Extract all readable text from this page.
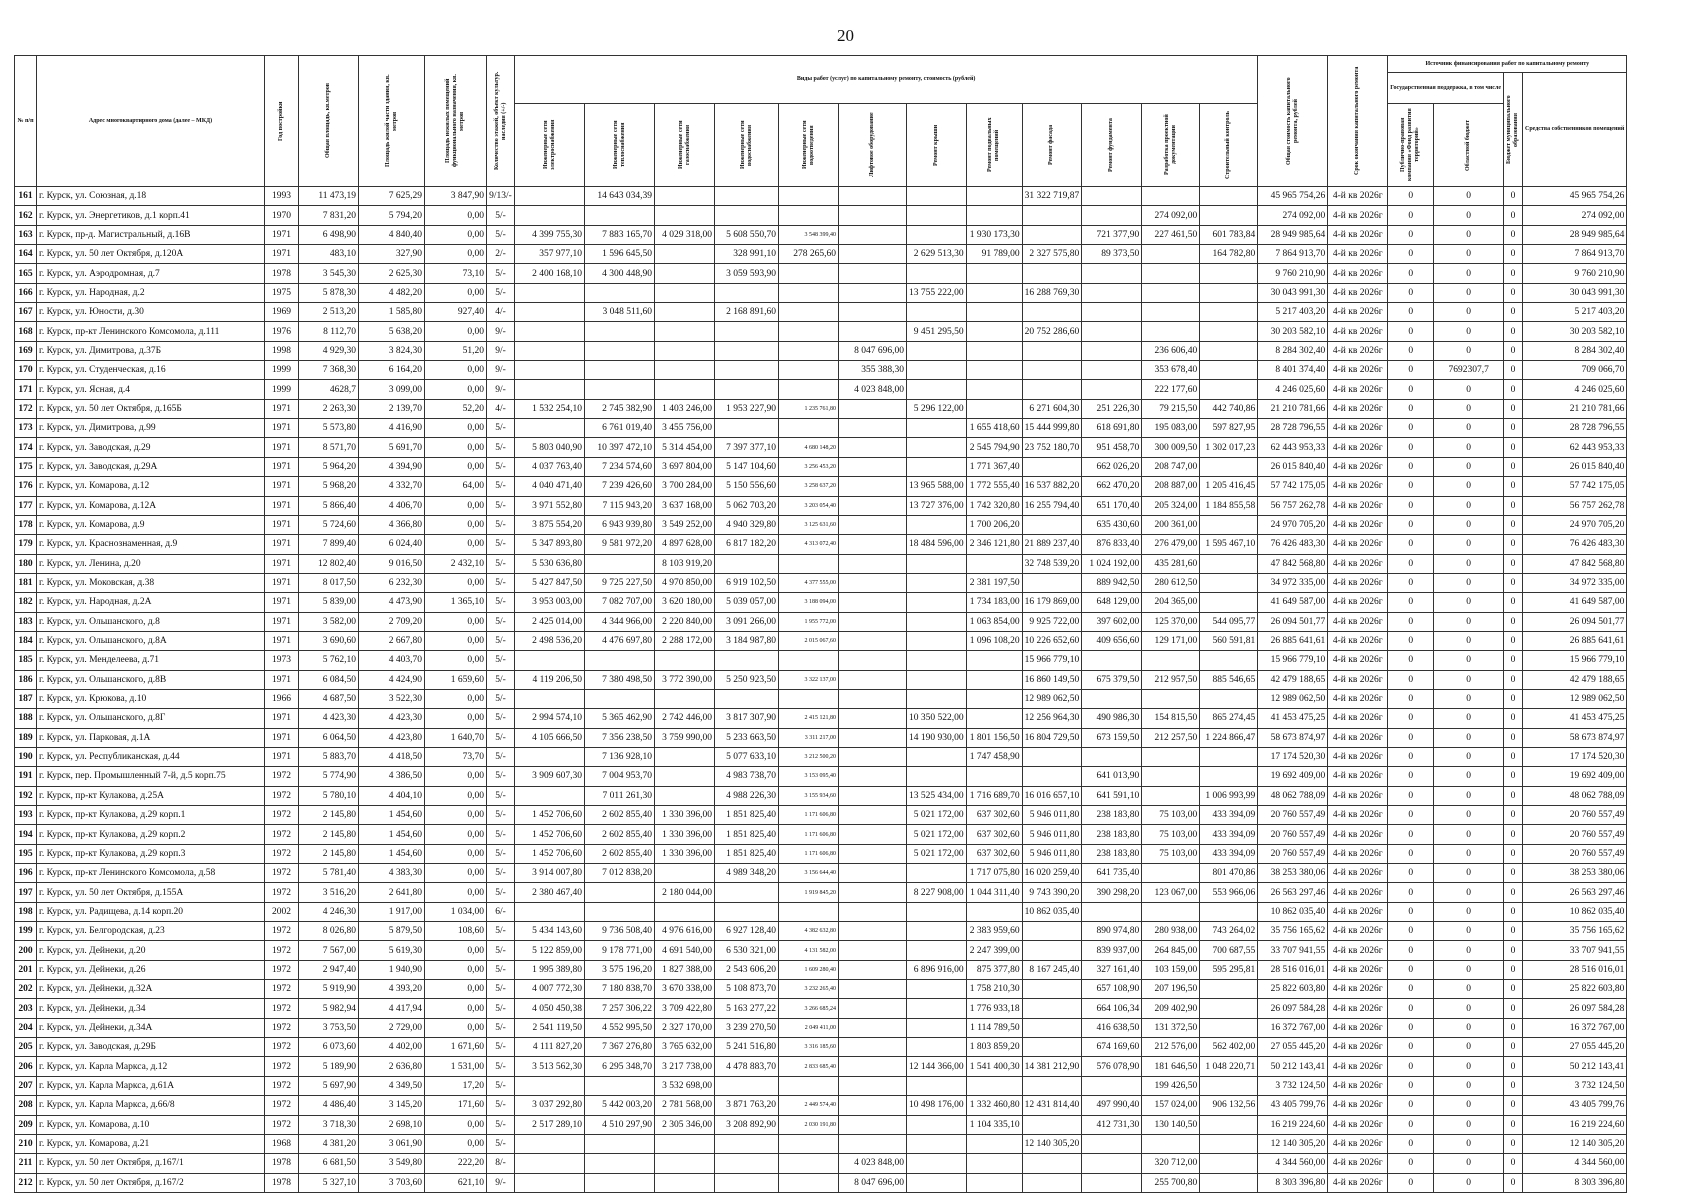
20
№ п/п	Адрес многоквартирного дома (далее – МКД)	Год постройки	Общая площадь, кв.метров	Площадь жилой части здания, кв. метров	Площадь нежилых помещений функционального назначения, кв. метров	Количество этажей, объект культур. наследия (+/-)	Виды работ (услуг) по капитальному ремонту, стоимость (рублей)												Общая стоимость капитального ремонта, рублей	Срок окончания капитального ремонта	Источник финансирования работ по капитальному ремонту			
																					Государственная поддержка, в том числе		Бюджет муниципального образования	Средства собственников помещений

							Инженерные сети электроснабжения	Инженерные сети теплоснабжения	Инженерные сети газоснабжения	Инженерные сети водоснабжения	Инженерные сети водоотведения	Лифтовое оборудование	Ремонт крыши	Ремонт подвальных помещений	Ремонт фасада	Ремонт фундамента	Разработка проектной документации	Строительный контроль			Публично-правовая компания «Фонд развития территорий»	Областной бюджет		

161	г. Курск, ул. Союзная, д.18	1993	11 473,19	7 625,29	3 847,90	9/13/-		14 643 034,39							31 322 719,87				45 965 754,26	4-й кв 2026г	0	0	0	45 965 754,26
162	г. Курск, ул. Энергетиков, д.1 корп.41	1970	7 831,20	5 794,20	0,00	5/-											274 092,00		274 092,00	4-й кв 2026г	0	0	0	274 092,00
163	г. Курск, пр-д. Магистральный, д.16В	1971	6 498,90	4 840,40	0,00	5/-	4 399 755,30	7 883 165,70	4 029 318,00	5 608 550,70	3 548 399,40			1 930 173,30		721 377,90	227 461,50	601 783,84	28 949 985,64	4-й кв 2026г	0	0	0	28 949 985,64
164	г. Курск, ул. 50 лет Октября, д.120А	1971	483,10	327,90	0,00	2/-	357 977,10	1 596 645,50		328 991,10	278 265,60		2 629 513,30	91 789,00	2 327 575,80	89 373,50		164 782,80	7 864 913,70	4-й кв 2026г	0	0	0	7 864 913,70
165	г. Курск, ул. Аэродромная, д.7	1978	3 545,30	2 625,30	73,10	5/-	2 400 168,10	4 300 448,90		3 059 593,90									9 760 210,90	4-й кв 2026г	0	0	0	9 760 210,90
166	г. Курск, ул. Народная, д.2	1975	5 878,30	4 482,20	0,00	5/-							13 755 222,00		16 288 769,30				30 043 991,30	4-й кв 2026г	0	0	0	30 043 991,30
167	г. Курск, ул. Юности, д.30	1969	2 513,20	1 585,80	927,40	4/-		3 048 511,60		2 168 891,60									5 217 403,20	4-й кв 2026г	0	0	0	5 217 403,20
168	г. Курск, пр-кт Ленинского Комсомола, д.111	1976	8 112,70	5 638,20	0,00	9/-							9 451 295,50		20 752 286,60				30 203 582,10	4-й кв 2026г	0	0	0	30 203 582,10
169	г. Курск, ул. Димитрова, д.37Б	1998	4 929,30	3 824,30	51,20	9/-						8 047 696,00					236 606,40		8 284 302,40	4-й кв 2026г	0	0	0	8 284 302,40
170	г. Курск, ул. Студенческая, д.16	1999	7 368,30	6 164,20	0,00	9/-						355 388,30					353 678,40		8 401 374,40	4-й кв 2026г	0	7692307,7	0	709 066,70
171	г. Курск, ул. Ясная, д.4	1999	4628,7	3 099,00	0,00	9/-						4 023 848,00					222 177,60		4 246 025,60	4-й кв 2026г	0	0	0	4 246 025,60
172	г. Курск, ул. 50 лет Октября, д.165Б	1971	2 263,30	2 139,70	52,20	4/-	1 532 254,10	2 745 382,90	1 403 246,00	1 953 227,90	1 235 761,80		5 296 122,00		6 271 604,30	251 226,30	79 215,50	442 740,86	21 210 781,66	4-й кв 2026г	0	0	0	21 210 781,66
173	г. Курск, ул. Димитрова, д.99	1971	5 573,80	4 416,90	0,00	5/-		6 761 019,40	3 455 756,00					1 655 418,60	15 444 999,80	618 691,80	195 083,00	597 827,95	28 728 796,55	4-й кв 2026г	0	0	0	28 728 796,55
174	г. Курск, ул. Заводская, д.29	1971	8 571,70	5 691,70	0,00	5/-	5 803 040,90	10 397 472,10	5 314 454,00	7 397 377,10	4 680 148,20			2 545 794,90	23 752 180,70	951 458,70	300 009,50	1 302 017,23	62 443 953,33	4-й кв 2026г	0	0	0	62 443 953,33
175	г. Курск, ул. Заводская, д.29А	1971	5 964,20	4 394,90	0,00	5/-	4 037 763,40	7 234 574,60	3 697 804,00	5 147 104,60	3 256 453,20			1 771 367,40		662 026,20	208 747,00		26 015 840,40	4-й кв 2026г	0	0	0	26 015 840,40
176	г. Курск, ул. Комарова, д.12	1971	5 968,20	4 332,70	64,00	5/-	4 040 471,40	7 239 426,60	3 700 284,00	5 150 556,60	3 258 637,20		13 965 588,00	1 772 555,40	16 537 882,20	662 470,20	208 887,00	1 205 416,45	57 742 175,05	4-й кв 2026г	0	0	0	57 742 175,05
177	г. Курск, ул. Комарова, д.12А	1971	5 866,40	4 406,70	0,00	5/-	3 971 552,80	7 115 943,20	3 637 168,00	5 062 703,20	3 203 054,40		13 727 376,00	1 742 320,80	16 255 794,40	651 170,40	205 324,00	1 184 855,58	56 757 262,78	4-й кв 2026г	0	0	0	56 757 262,78
178	г. Курск, ул. Комарова, д.9	1971	5 724,60	4 366,80	0,00	5/-	3 875 554,20	6 943 939,80	3 549 252,00	4 940 329,80	3 125 631,60			1 700 206,20		635 430,60	200 361,00		24 970 705,20	4-й кв 2026г	0	0	0	24 970 705,20
179	г. Курск, ул. Краснознаменная, д.9	1971	7 899,40	6 024,40	0,00	5/-	5 347 893,80	9 581 972,20	4 897 628,00	6 817 182,20	4 313 072,40		18 484 596,00	2 346 121,80	21 889 237,40	876 833,40	276 479,00	1 595 467,10	76 426 483,30	4-й кв 2026г	0	0	0	76 426 483,30
180	г. Курск, ул. Ленина, д.20	1971	12 802,40	9 016,50	2 432,10	5/-	5 530 636,80		8 103 919,20						32 748 539,20	1 024 192,00	435 281,60		47 842 568,80	4-й кв 2026г	0	0	0	47 842 568,80
181	г. Курск, ул. Моковская, д.38	1971	8 017,50	6 232,30	0,00	5/-	5 427 847,50	9 725 227,50	4 970 850,00	6 919 102,50	4 377 555,00			2 381 197,50		889 942,50	280 612,50		34 972 335,00	4-й кв 2026г	0	0	0	34 972 335,00
182	г. Курск, ул. Народная, д.2А	1971	5 839,00	4 473,90	1 365,10	5/-	3 953 003,00	7 082 707,00	3 620 180,00	5 039 057,00	3 188 094,00			1 734 183,00	16 179 869,00	648 129,00	204 365,00		41 649 587,00	4-й кв 2026г	0	0	0	41 649 587,00
183	г. Курск, ул. Ольшанского, д.8	1971	3 582,00	2 709,20	0,00	5/-	2 425 014,00	4 344 966,00	2 220 840,00	3 091 266,00	1 955 772,00			1 063 854,00	9 925 722,00	397 602,00	125 370,00	544 095,77	26 094 501,77	4-й кв 2026г	0	0	0	26 094 501,77
184	г. Курск, ул. Ольшанского, д.8А	1971	3 690,60	2 667,80	0,00	5/-	2 498 536,20	4 476 697,80	2 288 172,00	3 184 987,80	2 015 067,60			1 096 108,20	10 226 652,60	409 656,60	129 171,00	560 591,81	26 885 641,61	4-й кв 2026г	0	0	0	26 885 641,61
185	г. Курск, ул. Менделеева, д.71	1973	5 762,10	4 403,70	0,00	5/-									15 966 779,10				15 966 779,10	4-й кв 2026г	0	0	0	15 966 779,10
186	г. Курск, ул. Ольшанского, д.8В	1971	6 084,50	4 424,90	1 659,60	5/-	4 119 206,50	7 380 498,50	3 772 390,00	5 250 923,50	3 322 137,00				16 860 149,50	675 379,50	212 957,50	885 546,65	42 479 188,65	4-й кв 2026г	0	0	0	42 479 188,65
187	г. Курск, ул. Крюкова, д.10	1966	4 687,50	3 522,30	0,00	5/-									12 989 062,50				12 989 062,50	4-й кв 2026г	0	0	0	12 989 062,50
188	г. Курск, ул. Ольшанского, д.8Г	1971	4 423,30	4 423,30	0,00	5/-	2 994 574,10	5 365 462,90	2 742 446,00	3 817 307,90	2 415 121,80		10 350 522,00		12 256 964,30	490 986,30	154 815,50	865 274,45	41 453 475,25	4-й кв 2026г	0	0	0	41 453 475,25
189	г. Курск, ул. Парковая, д.1А	1971	6 064,50	4 423,80	1 640,70	5/-	4 105 666,50	7 356 238,50	3 759 990,00	5 233 663,50	3 311 217,00		14 190 930,00	1 801 156,50	16 804 729,50	673 159,50	212 257,50	1 224 866,47	58 673 874,97	4-й кв 2026г	0	0	0	58 673 874,97
190	г. Курск, ул. Республиканская, д.44	1971	5 883,70	4 418,50	73,70	5/-		7 136 928,10		5 077 633,10	3 212 500,20			1 747 458,90					17 174 520,30	4-й кв 2026г	0	0	0	17 174 520,30
191	г. Курск, пер. Промышленный 7-й, д.5 корп.75	1972	5 774,90	4 386,50	0,00	5/-	3 909 607,30	7 004 953,70		4 983 738,70	3 153 095,40					641 013,90			19 692 409,00	4-й кв 2026г	0	0	0	19 692 409,00
192	г. Курск, пр-кт Кулакова, д.25А	1972	5 780,10	4 404,10	0,00	5/-		7 011 261,30		4 988 226,30	3 155 934,60		13 525 434,00	1 716 689,70	16 016 657,10	641 591,10		1 006 993,99	48 062 788,09	4-й кв 2026г	0	0	0	48 062 788,09
193	г. Курск, пр-кт Кулакова, д.29 корп.1	1972	2 145,80	1 454,60	0,00	5/-	1 452 706,60	2 602 855,40	1 330 396,00	1 851 825,40	1 171 606,80		5 021 172,00	637 302,60	5 946 011,80	238 183,80	75 103,00	433 394,09	20 760 557,49	4-й кв 2026г	0	0	0	20 760 557,49
194	г. Курск, пр-кт Кулакова, д.29 корп.2	1972	2 145,80	1 454,60	0,00	5/-	1 452 706,60	2 602 855,40	1 330 396,00	1 851 825,40	1 171 606,80		5 021 172,00	637 302,60	5 946 011,80	238 183,80	75 103,00	433 394,09	20 760 557,49	4-й кв 2026г	0	0	0	20 760 557,49
195	г. Курск, пр-кт Кулакова, д.29 корп.3	1972	2 145,80	1 454,60	0,00	5/-	1 452 706,60	2 602 855,40	1 330 396,00	1 851 825,40	1 171 606,80		5 021 172,00	637 302,60	5 946 011,80	238 183,80	75 103,00	433 394,09	20 760 557,49	4-й кв 2026г	0	0	0	20 760 557,49
196	г. Курск, пр-кт Ленинского Комсомола, д.58	1972	5 781,40	4 383,30	0,00	5/-	3 914 007,80	7 012 838,20		4 989 348,20	3 156 644,40			1 717 075,80	16 020 259,40	641 735,40		801 470,86	38 253 380,06	4-й кв 2026г	0	0	0	38 253 380,06
197	г. Курск, ул. 50 лет Октября, д.155А	1972	3 516,20	2 641,80	0,00	5/-	2 380 467,40		2 180 044,00		1 919 845,20		8 227 908,00	1 044 311,40	9 743 390,20	390 298,20	123 067,00	553 966,06	26 563 297,46	4-й кв 2026г	0	0	0	26 563 297,46
198	г. Курск, ул. Радищева, д.14 корп.20	2002	4 246,30	1 917,00	1 034,00	6/-									10 862 035,40				10 862 035,40	4-й кв 2026г	0	0	0	10 862 035,40
199	г. Курск, ул. Белгородская, д.23	1972	8 026,80	5 879,50	108,60	5/-	5 434 143,60	9 736 508,40	4 976 616,00	6 927 128,40	4 382 632,80			2 383 959,60		890 974,80	280 938,00	743 264,02	35 756 165,62	4-й кв 2026г	0	0	0	35 756 165,62
200	г. Курск, ул. Дейнеки, д.20	1972	7 567,00	5 619,30	0,00	5/-	5 122 859,00	9 178 771,00	4 691 540,00	6 530 321,00	4 131 582,00			2 247 399,00		839 937,00	264 845,00	700 687,55	33 707 941,55	4-й кв 2026г	0	0	0	33 707 941,55
201	г. Курск, ул. Дейнеки, д.26	1972	2 947,40	1 940,90	0,00	5/-	1 995 389,80	3 575 196,20	1 827 388,00	2 543 606,20	1 609 280,40		6 896 916,00	875 377,80	8 167 245,40	327 161,40	103 159,00	595 295,81	28 516 016,01	4-й кв 2026г	0	0	0	28 516 016,01
202	г. Курск, ул. Дейнеки, д.32А	1972	5 919,90	4 393,20	0,00	5/-	4 007 772,30	7 180 838,70	3 670 338,00	5 108 873,70	3 232 265,40			1 758 210,30		657 108,90	207 196,50		25 822 603,80	4-й кв 2026г	0	0	0	25 822 603,80
203	г. Курск, ул. Дейнеки, д.34	1972	5 982,94	4 417,94	0,00	5/-	4 050 450,38	7 257 306,22	3 709 422,80	5 163 277,22	3 266 685,24			1 776 933,18		664 106,34	209 402,90		26 097 584,28	4-й кв 2026г	0	0	0	26 097 584,28
204	г. Курск, ул. Дейнеки, д.34А	1972	3 753,50	2 729,00	0,00	5/-	2 541 119,50	4 552 995,50	2 327 170,00	3 239 270,50	2 049 411,00			1 114 789,50		416 638,50	131 372,50		16 372 767,00	4-й кв 2026г	0	0	0	16 372 767,00
205	г. Курск, ул. Заводская, д.29Б	1972	6 073,60	4 402,00	1 671,60	5/-	4 111 827,20	7 367 276,80	3 765 632,00	5 241 516,80	3 316 185,60			1 803 859,20		674 169,60	212 576,00	562 402,00	27 055 445,20	4-й кв 2026г	0	0	0	27 055 445,20
206	г. Курск, ул. Карла Маркса, д.12	1972	5 189,90	2 636,80	1 531,00	5/-	3 513 562,30	6 295 348,70	3 217 738,00	4 478 883,70	2 833 685,40		12 144 366,00	1 541 400,30	14 381 212,90	576 078,90	181 646,50	1 048 220,71	50 212 143,41	4-й кв 2026г	0	0	0	50 212 143,41
207	г. Курск, ул. Карла Маркса, д.61А	1972	5 697,90	4 349,50	17,20	5/-			3 532 698,00								199 426,50		3 732 124,50	4-й кв 2026г	0	0	0	3 732 124,50
208	г. Курск, ул. Карла Маркса, д.66/8	1972	4 486,40	3 145,20	171,60	5/-	3 037 292,80	5 442 003,20	2 781 568,00	3 871 763,20	2 449 574,40		10 498 176,00	1 332 460,80	12 431 814,40	497 990,40	157 024,00	906 132,56	43 405 799,76	4-й кв 2026г	0	0	0	43 405 799,76
209	г. Курск, ул. Комарова, д.10	1972	3 718,30	2 698,10	0,00	5/-	2 517 289,10	4 510 297,90	2 305 346,00	3 208 892,90	2 030 191,80			1 104 335,10		412 731,30	130 140,50		16 219 224,60	4-й кв 2026г	0	0	0	16 219 224,60
210	г. Курск, ул. Комарова, д.21	1968	4 381,20	3 061,90	0,00	5/-									12 140 305,20				12 140 305,20	4-й кв 2026г	0	0	0	12 140 305,20
211	г. Курск, ул. 50 лет Октября, д.167/1	1978	6 681,50	3 549,80	222,20	8/-						4 023 848,00					320 712,00		4 344 560,00	4-й кв 2026г	0	0	0	4 344 560,00
212	г. Курск, ул. 50 лет Октября, д.167/2	1978	5 327,10	3 703,60	621,10	9/-						8 047 696,00					255 700,80		8 303 396,80	4-й кв 2026г	0	0	0	8 303 396,80
